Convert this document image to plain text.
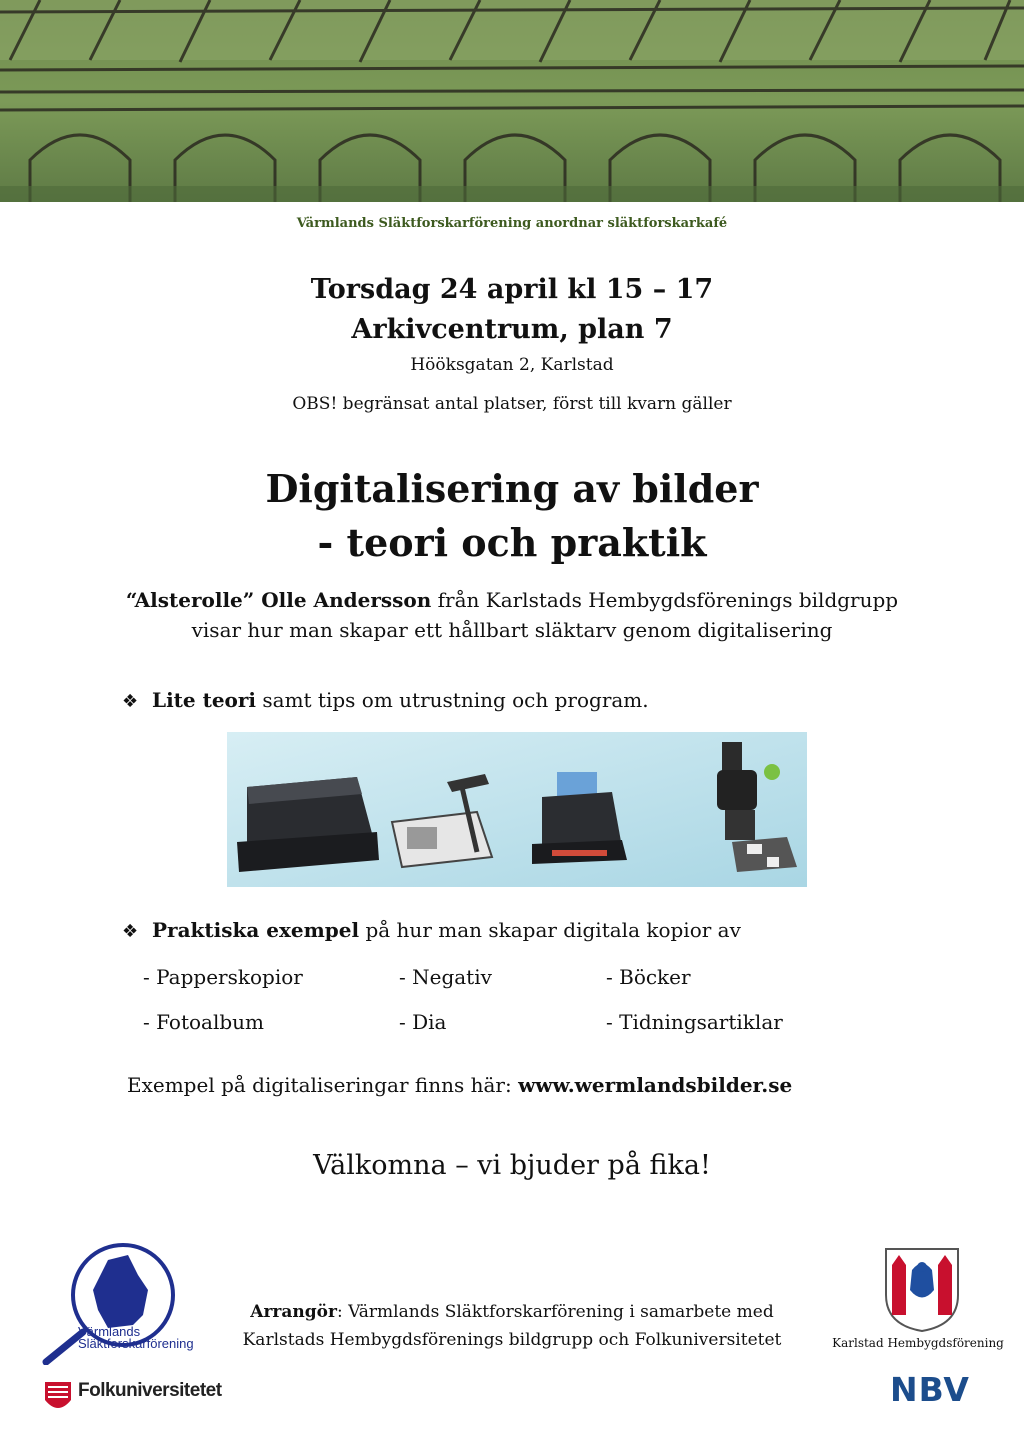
Värmlands Släktforskarförening anordnar släktforskarkafé
Torsdag 24 april kl 15 – 17
Arkivcentrum, plan 7
Hööksgatan 2, Karlstad
OBS! begränsat antal platser, först till kvarn gäller
Digitalisering av bilder
- teori och praktik
“Alsterolle” Olle Andersson från Karlstads Hembygdsförenings bildgrupp
visar hur man skapar ett hållbart släktarv genom digitalisering
❖ Lite teori samt tips om utrustning och program.
❖ Praktiska exempel på hur man skapar digitala kopior av
- Papperskopior	- Negativ	- Böcker
- Fotoalbum	- Dia	- Tidningsartiklar
Exempel på digitaliseringar finns här: www.wermlandsbilder.se
Välkomna – vi bjuder på fika!
Arrangör: Värmlands Släktforskarförening i samarbete med
Karlstads Hembygdsförenings bildgrupp och Folkuniversitetet
Värmlands
Släktforskarförening
Folkuniversitetet
Karlstad Hembygdsförening
NBV
